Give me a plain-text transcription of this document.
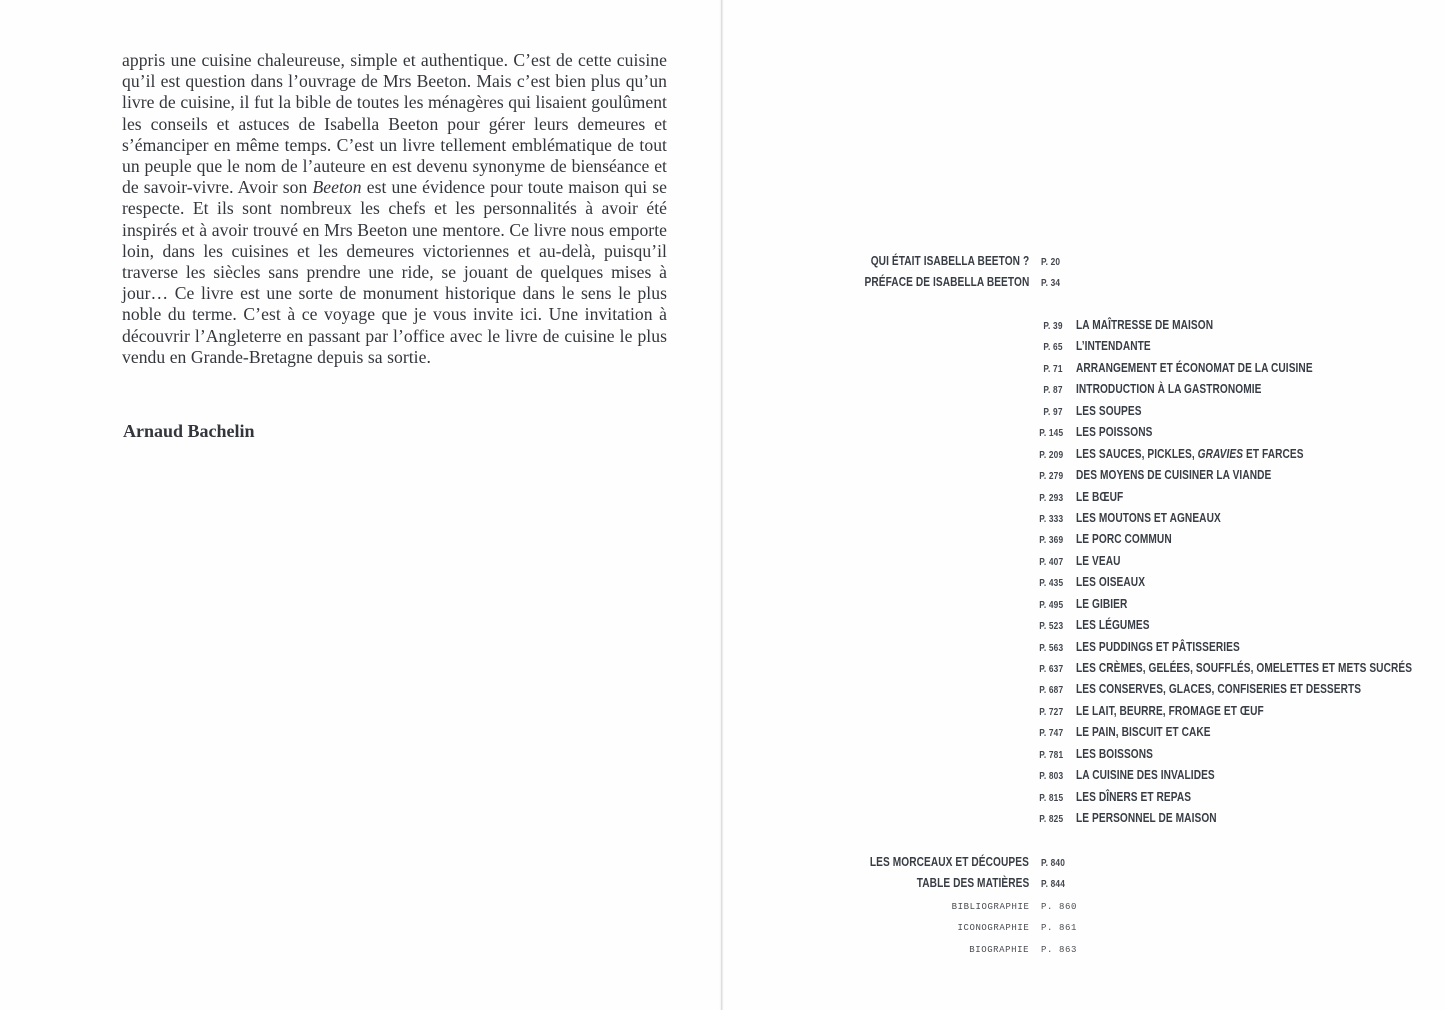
appris une cuisine chaleureuse, simple et authentique. C’est de cette cuisine qu’il est question dans l’ouvrage de Mrs Beeton. Mais c’est bien plus qu’un livre de cuisine, il fut la bible de toutes les ménagères qui lisaient goulûment les conseils et astuces de Isabella Beeton pour gérer leurs demeures et s’émanciper en même temps. C’est un livre tellement emblématique de tout un peuple que le nom de l’auteure en est devenu synonyme de bienséance et de savoir-vivre. Avoir son Beeton est une évidence pour toute maison qui se respecte. Et ils sont nombreux les chefs et les personnalités à avoir été inspirés et à avoir trouvé en Mrs Beeton une mentore. Ce livre nous emporte loin, dans les cuisines et les demeures victoriennes et au-delà, puisqu’il traverse les siècles sans prendre une ride, se jouant de quelques mises à jour… Ce livre est une sorte de monument historique dans le sens le plus noble du terme. C’est à ce voyage que je vous invite ici. Une invitation à découvrir l’Angleterre en passant par l’office avec le livre de cuisine le plus vendu en Grande-Bretagne depuis sa sortie.
Arnaud Bachelin
QUI ÉTAIT ISABELLA BEETON ? P. 20
PRÉFACE DE ISABELLA BEETON P. 34
P. 39 LA MAÎTRESSE DE MAISON
P. 65 L’INTENDANTE
P. 71 ARRANGEMENT ET ÉCONOMAT DE LA CUISINE
P. 87 INTRODUCTION À LA GASTRONOMIE
P. 97 LES SOUPES
P. 145 LES POISSONS
P. 209 LES SAUCES, PICKLES, GRAVIES ET FARCES
P. 279 DES MOYENS DE CUISINER LA VIANDE
P. 293 LE BŒUF
P. 333 LES MOUTONS ET AGNEAUX
P. 369 LE PORC COMMUN
P. 407 LE VEAU
P. 435 LES OISEAUX
P. 495 LE GIBIER
P. 523 LES LÉGUMES
P. 563 LES PUDDINGS ET PÂTISSERIES
P. 637 LES CRÈMES, GELÉES, SOUFFLÉS, OMELETTES ET METS SUCRÉS
P. 687 LES CONSERVES, GLACES, CONFISERIES ET DESSERTS
P. 727 LE LAIT, BEURRE, FROMAGE ET ŒUF
P. 747 LE PAIN, BISCUIT ET CAKE
P. 781 LES BOISSONS
P. 803 LA CUISINE DES INVALIDES
P. 815 LES DÎNERS ET REPAS
P. 825 LE PERSONNEL DE MAISON
LES MORCEAUX ET DÉCOUPES P. 840
TABLE DES MATIÈRES P. 844
BIBLIOGRAPHIE P. 860
ICONOGRAPHIE P. 861
BIOGRAPHIE P. 863
